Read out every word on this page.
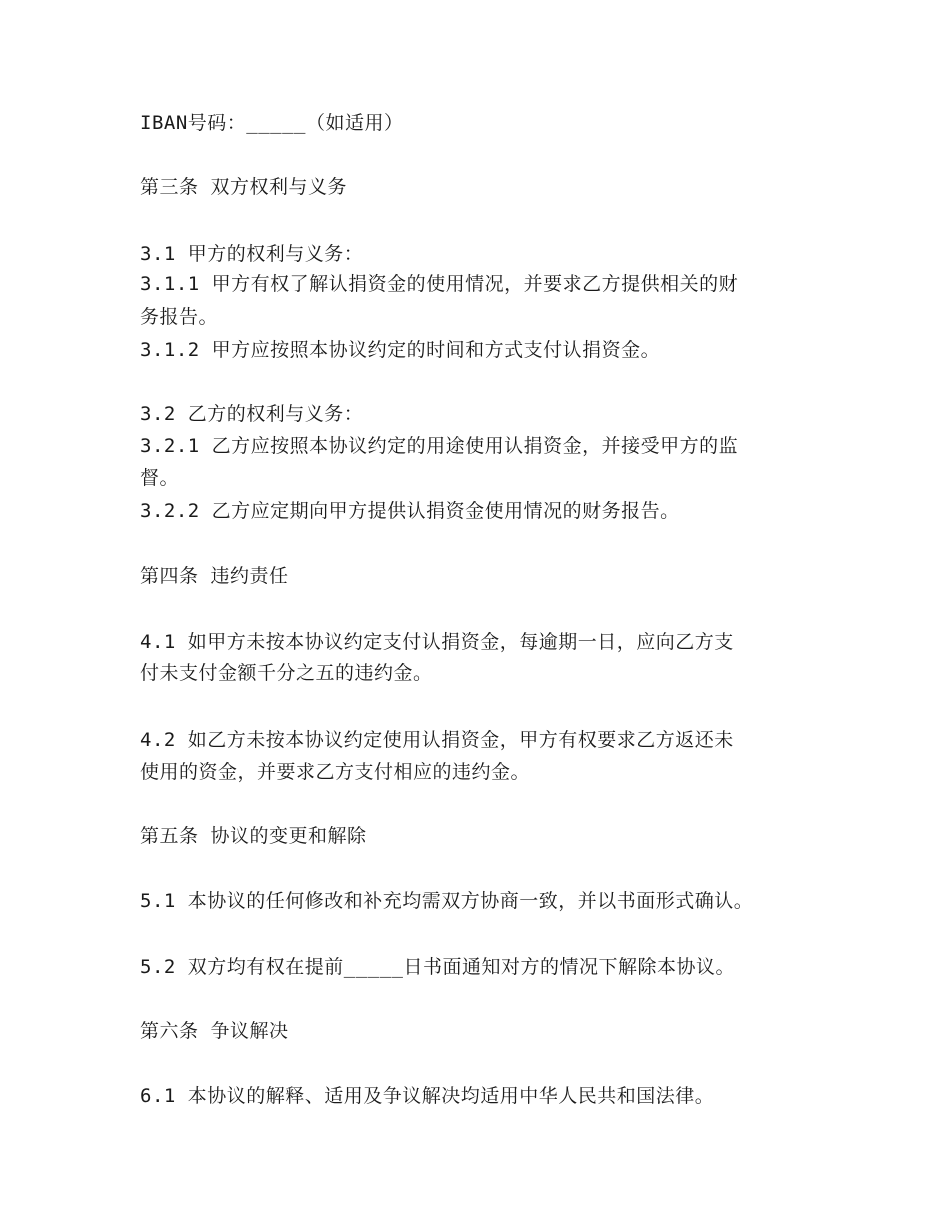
IBAN号码：_____（如适用）
第三条 双方权利与义务
3.1 甲方的权利与义务：
3.1.1 甲方有权了解认捐资金的使用情况，并要求乙方提供相关的财
务报告。
3.1.2 甲方应按照本协议约定的时间和方式支付认捐资金。
3.2 乙方的权利与义务：
3.2.1 乙方应按照本协议约定的用途使用认捐资金，并接受甲方的监
督。
3.2.2 乙方应定期向甲方提供认捐资金使用情况的财务报告。
第四条 违约责任
4.1 如甲方未按本协议约定支付认捐资金，每逾期一日，应向乙方支
付未支付金额千分之五的违约金。
4.2 如乙方未按本协议约定使用认捐资金，甲方有权要求乙方返还未
使用的资金，并要求乙方支付相应的违约金。
第五条 协议的变更和解除
5.1 本协议的任何修改和补充均需双方协商一致，并以书面形式确认。
5.2 双方均有权在提前_____日书面通知对方的情况下解除本协议。
第六条 争议解决
6.1 本协议的解释、适用及争议解决均适用中华人民共和国法律。
